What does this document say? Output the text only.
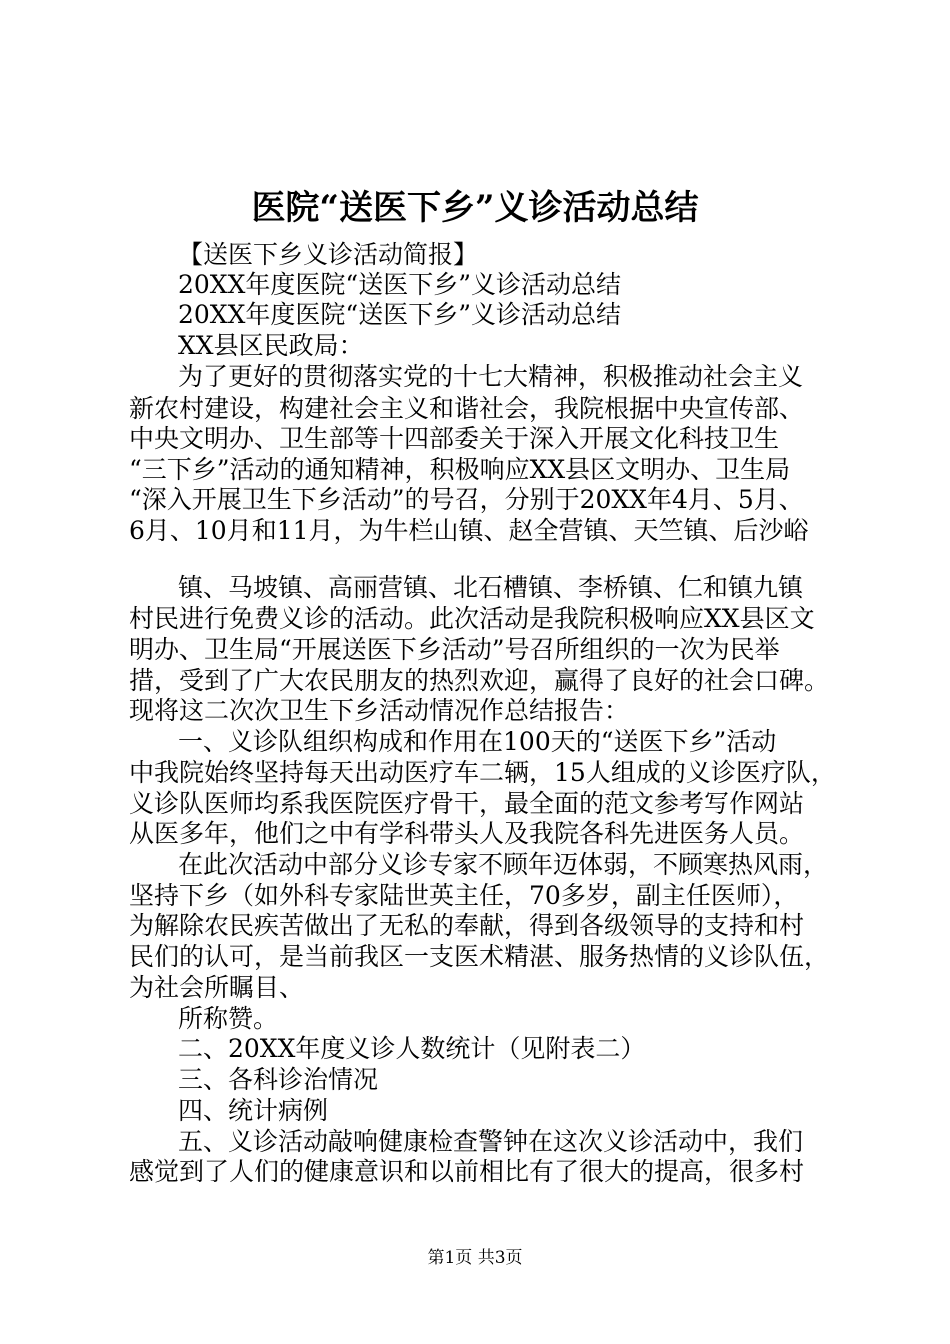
医院“送医下乡”义诊活动总结

【送医下乡义诊活动简报】

20XX年度医院“送医下乡”义诊活动总结

20XX年度医院“送医下乡”义诊活动总结

XX县区民政局：

为了更好的贯彻落实党的十七大精神，积极推动社会主义

新农村建设，构建社会主义和谐社会，我院根据中央宣传部、

中央文明办、卫生部等十四部委关于深入开展文化科技卫生

“三下乡”活动的通知精神，积极响应XX县区文明办、卫生局

“深入开展卫生下乡活动”的号召，分别于20XX年4月、5月、

6月、10月和11月，为牛栏山镇、赵全营镇、天竺镇、后沙峪

镇、马坡镇、高丽营镇、北石槽镇、李桥镇、仁和镇九镇

村民进行免费义诊的活动。此次活动是我院积极响应XX县区文

明办、卫生局“开展送医下乡活动”号召所组织的一次为民举

措，受到了广大农民朋友的热烈欢迎，赢得了良好的社会口碑。

现将这二次次卫生下乡活动情况作总结报告：

一、义诊队组织构成和作用在100天的“送医下乡”活动

中我院始终坚持每天出动医疗车二辆，15人组成的义诊医疗队，

义诊队医师均系我医院医疗骨干，最全面的范文参考写作网站

从医多年，他们之中有学科带头人及我院各科先进医务人员。

在此次活动中部分义诊专家不顾年迈体弱，不顾寒热风雨，

坚持下乡（如外科专家陆世英主任，70多岁，副主任医师），

为解除农民疾苦做出了无私的奉献，得到各级领导的支持和村

民们的认可，是当前我区一支医术精湛、服务热情的义诊队伍，

为社会所瞩目、

所称赞。

二、20XX年度义诊人数统计（见附表二）

三、各科诊治情况

四、统计病例

五、义诊活动敲响健康检查警钟在这次义诊活动中，我们

感觉到了人们的健康意识和以前相比有了很大的提高，很多村

第1页 共3页
